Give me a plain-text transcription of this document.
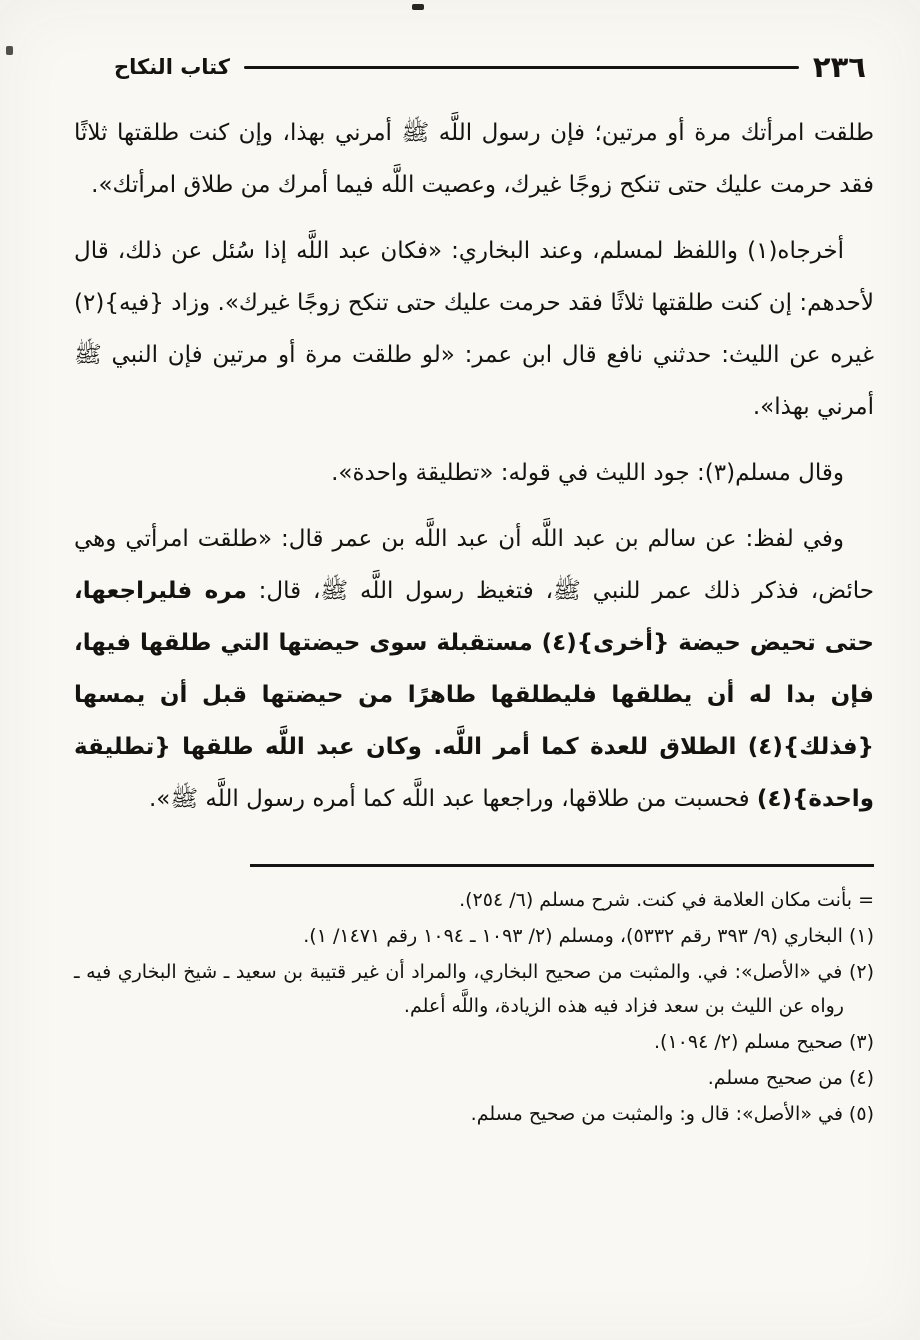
كتاب النكاح	٢٣٦

طلقت امرأتك مرة أو مرتين؛ فإن رسول اللَّه ﷺ أمرني بهذا، وإن كنت طلقتها ثلاثًا فقد حرمت عليك حتى تنكح زوجًا غيرك، وعصيت اللَّه فيما أمرك من طلاق امرأتك».

أخرجاه(١) واللفظ لمسلم، وعند البخاري: «فكان عبد اللَّه إذا سُئل عن ذلك، قال لأحدهم: إن كنت طلقتها ثلاثًا فقد حرمت عليك حتى تنكح زوجًا غيرك». وزاد {فيه}(٢) غيره عن الليث: حدثني نافع قال ابن عمر: «لو طلقت مرة أو مرتين فإن النبي ﷺ أمرني بهذا».

وقال مسلم(٣): جود الليث في قوله: «تطليقة واحدة».

وفي لفظ: عن سالم بن عبد اللَّه أن عبد اللَّه بن عمر قال: «طلقت امرأتي وهي حائض، فذكر ذلك عمر للنبي ﷺ، فتغيظ رسول اللَّه ﷺ، قال: مره فليراجعها، حتى تحيض حيضة {أخرى}(٤) مستقبلة سوى حيضتها التي طلقها فيها، فإن بدا له أن يطلقها فليطلقها طاهرًا من حيضتها قبل أن يمسها {فذلك}(٤) الطلاق للعدة كما أمر اللَّه. وكان عبد اللَّه طلقها {تطليقة واحدة}(٤) فحسبت من طلاقها، وراجعها عبد اللَّه كما أمره رسول اللَّه ﷺ».

= بأنت مكان العلامة في كنت. شرح مسلم (٦/ ٢٥٤).

(١) البخاري (٩/ ٣٩٣ رقم ٥٣٣٢)، ومسلم (٢/ ١٠٩٣ ـ ١٠٩٤ رقم ١٤٧١/ ١).

(٢) في «الأصل»: في. والمثبت من صحيح البخاري، والمراد أن غير قتيبة بن سعيد ـ شيخ البخاري فيه ـ رواه عن الليث بن سعد فزاد فيه هذه الزيادة، واللَّه أعلم.

(٣) صحيح مسلم (٢/ ١٠٩٤).

(٤) من صحيح مسلم.

(٥) في «الأصل»: قال و: والمثبت من صحيح مسلم.
